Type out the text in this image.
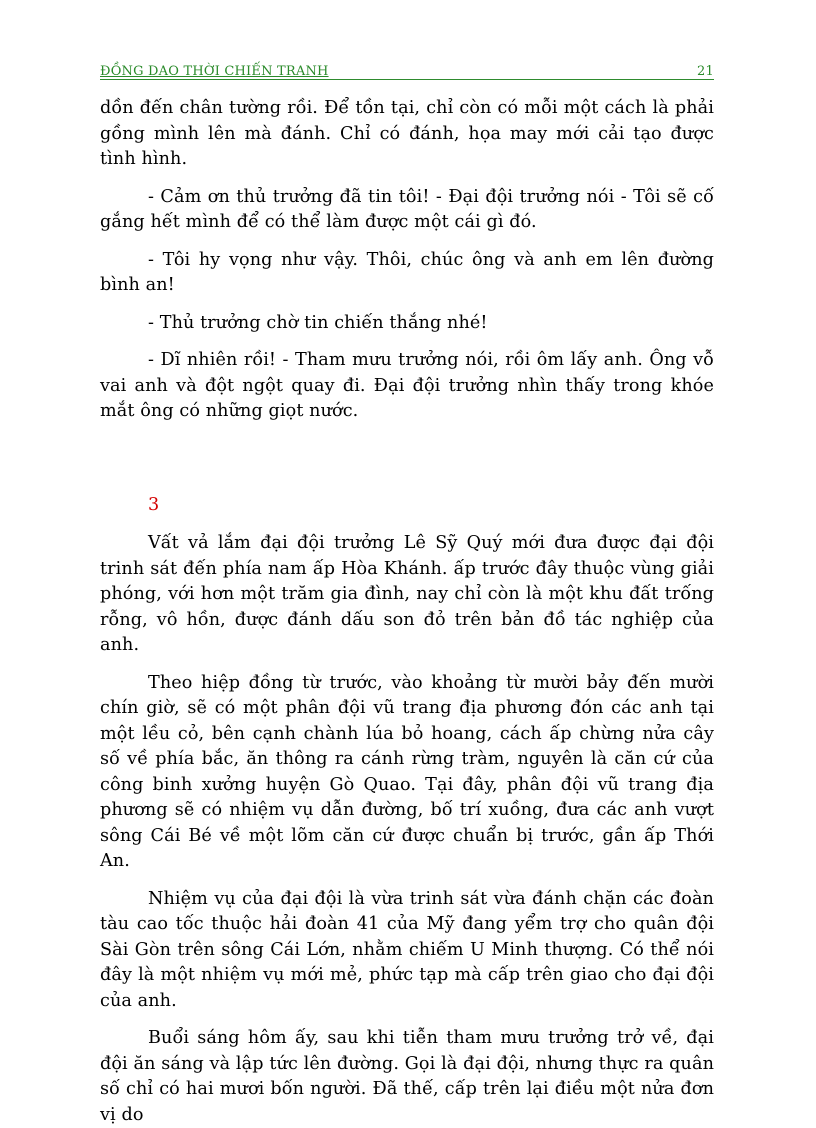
ĐỒNG DAO THỜI CHIẾN TRANH	21

dồn đến chân tường rồi. Để tồn tại, chỉ còn có mỗi một cách là phải gồng mình lên mà đánh. Chỉ có đánh, họa may mới cải tạo được tình hình.

- Cảm ơn thủ trưởng đã tin tôi! - Đại đội trưởng nói - Tôi sẽ cố gắng hết mình để có thể làm được một cái gì đó.

- Tôi hy vọng như vậy. Thôi, chúc ông và anh em lên đường bình an!

- Thủ trưởng chờ tin chiến thắng nhé!

- Dĩ nhiên rồi! - Tham mưu trưởng nói, rồi ôm lấy anh. Ông vỗ vai anh và đột ngột quay đi. Đại đội trưởng nhìn thấy trong khóe mắt ông có những giọt nước.

3

Vất vả lắm đại đội trưởng Lê Sỹ Quý mới đưa được đại đội trinh sát đến phía nam ấp Hòa Khánh. ấp trước đây thuộc vùng giải phóng, với hơn một trăm gia đình, nay chỉ còn là một khu đất trống rỗng, vô hồn, được đánh dấu son đỏ trên bản đồ tác nghiệp của anh.

Theo hiệp đồng từ trước, vào khoảng từ mười bảy đến mười chín giờ, sẽ có một phân đội vũ trang địa phương đón các anh tại một lều cỏ, bên cạnh chành lúa bỏ hoang, cách ấp chừng nửa cây số về phía bắc, ăn thông ra cánh rừng tràm, nguyên là căn cứ của công binh xưởng huyện Gò Quao. Tại đây, phân đội vũ trang địa phương sẽ có nhiệm vụ dẫn đường, bố trí xuồng, đưa các anh vượt sông Cái Bé về một lõm căn cứ được chuẩn bị trước, gần ấp Thới An.

Nhiệm vụ của đại đội là vừa trinh sát vừa đánh chặn các đoàn tàu cao tốc thuộc hải đoàn 41 của Mỹ đang yểm trợ cho quân đội Sài Gòn trên sông Cái Lớn, nhằm chiếm U Minh thượng. Có thể nói đây là một nhiệm vụ mới mẻ, phức tạp mà cấp trên giao cho đại đội của anh.

Buổi sáng hôm ấy, sau khi tiễn tham mưu trưởng trở về, đại đội ăn sáng và lập tức lên đường. Gọi là đại đội, nhưng thực ra quân số chỉ có hai mươi bốn người. Đã thế, cấp trên lại điều một nửa đơn vị do
